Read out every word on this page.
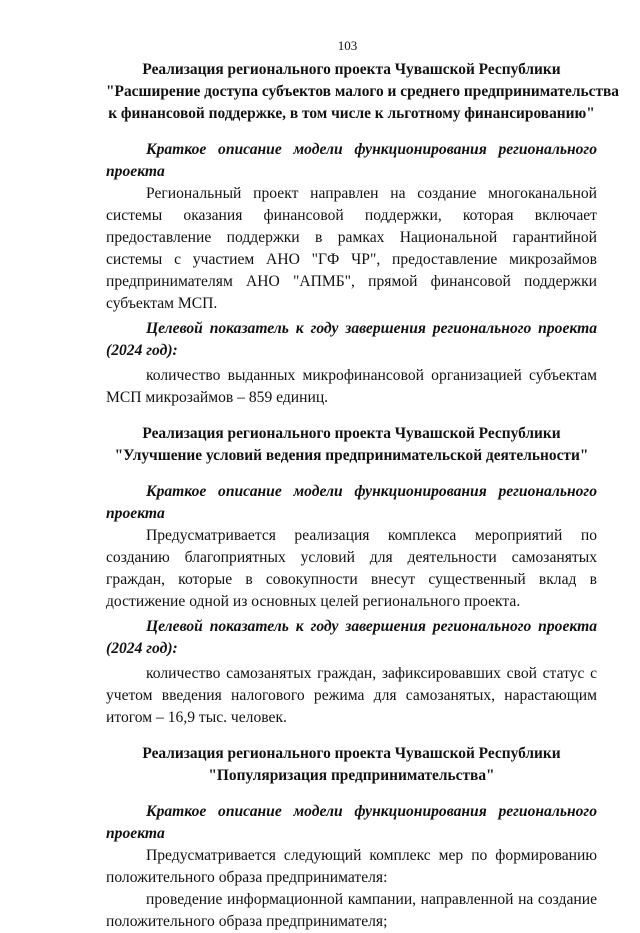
103
Реализация регионального проекта Чувашской Республики
"Расширение доступа субъектов малого и среднего предпринимательства
к финансовой поддержке, в том числе к льготному финансированию"

Краткое описание модели функционирования регионального проекта

Региональный проект направлен на создание многоканальной системы оказания финансовой поддержки, которая включает предоставление поддержки в рамках Национальной гарантийной системы с участием АНО "ГФ ЧР", предоставление микрозаймов предпринимателям АНО "АПМБ", прямой финансовой поддержки субъектам МСП.

Целевой показатель к году завершения регионального проекта (2024 год):

количество выданных микрофинансовой организацией субъектам МСП микрозаймов – 859 единиц.

Реализация регионального проекта Чувашской Республики
"Улучшение условий ведения предпринимательской деятельности"

Краткое описание модели функционирования регионального проекта

Предусматривается реализация комплекса мероприятий по созданию благоприятных условий для деятельности самозанятых граждан, которые в совокупности внесут существенный вклад в достижение одной из основных целей регионального проекта.

Целевой показатель к году завершения регионального проекта (2024 год):

количество самозанятых граждан, зафиксировавших свой статус с учетом введения налогового режима для самозанятых, нарастающим итогом – 16,9 тыс. человек.

Реализация регионального проекта Чувашской Республики
"Популяризация предпринимательства"

Краткое описание модели функционирования регионального проекта

Предусматривается следующий комплекс мер по формированию положительного образа предпринимателя:

проведение информационной кампании, направленной на создание положительного образа предпринимателя;
